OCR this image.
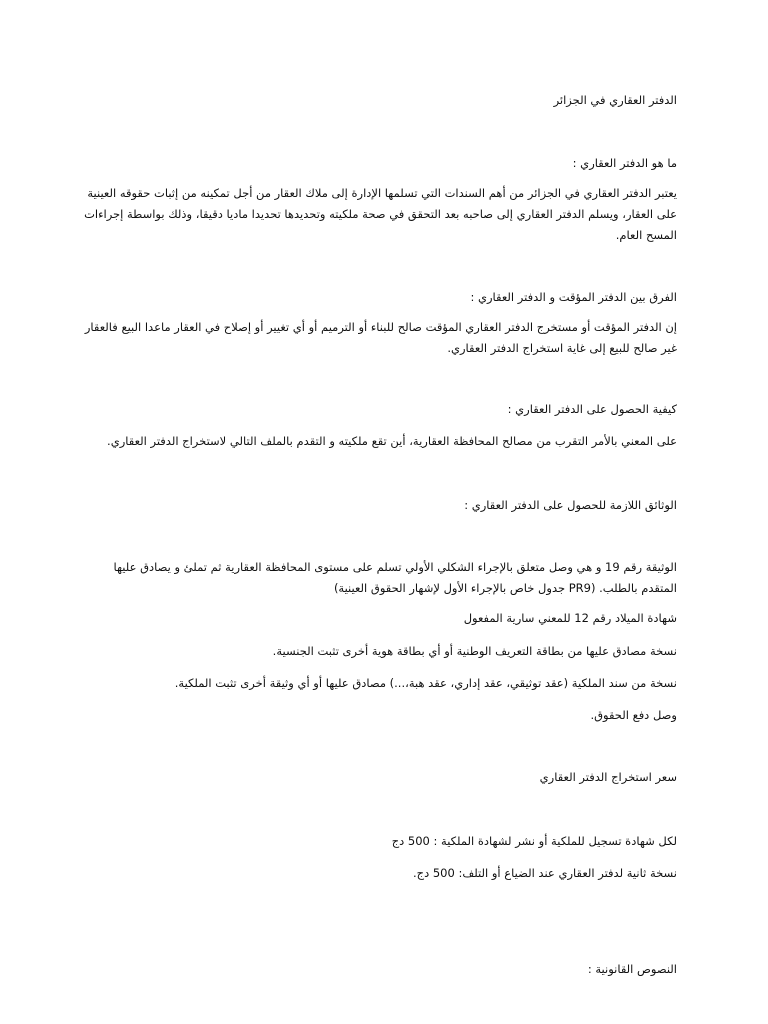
الدفتر العقاري في الجزائر
ما هو الدفتر العقاري :
يعتبر الدفتر العقاري في الجزائر من أهم السندات التي تسلمها الإدارة إلى ملاك العقار من أجل تمكينه من إثبات حقوقه العينية
على العقار، ويسلم الدفتر العقاري إلى صاحبه بعد التحقق في صحة ملكيته وتحديدها تحديدا ماديا دقيقا، وذلك بواسطة إجراءات
المسح العام.
الفرق بين الدفتر المؤقت و الدفتر العقاري :
إن الدفتر المؤقت أو مستخرج الدفتر العقاري المؤقت صالح للبناء أو الترميم أو أي تغيير أو إصلاح في العقار ماعدا البيع فالعقار
غير صالح للبيع إلى غاية استخراج الدفتر العقاري.
كيفية الحصول على الدفتر العقاري :
على المعني بالأمر التقرب من مصالح المحافظة العقارية، أين تقع ملكيته و التقدم بالملف التالي لاستخراج الدفتر العقاري.
الوثائق اللازمة للحصول على الدفتر العقاري :
الوثيقة رقم 19 و هي وصل متعلق بالإجراء الشكلي الأولي تسلم على مستوى المحافظة العقارية ثم تملئ و يصادق عليها
المتقدم بالطلب. (PR9 جدول خاص بالإجراء الأول لإشهار الحقوق العينية)
شهادة الميلاد رقم 12 للمعني سارية المفعول
نسخة مصادق عليها من بطاقة التعريف الوطنية أو أي بطاقة هوية أخرى تثبت الجنسية.
نسخة من سند الملكية (عقد توثيقي، عقد إداري، عقد هبة،...) مصادق عليها أو أي وثيقة أخرى تثبت الملكية.
وصل دفع الحقوق.
سعر استخراج الدفتر العقاري
لكل شهادة تسجيل للملكية أو نشر لشهادة الملكية : 500 دج
نسخة ثانية لدفتر العقاري عند الضياع أو التلف: 500 دج.
النصوص القانونية :
